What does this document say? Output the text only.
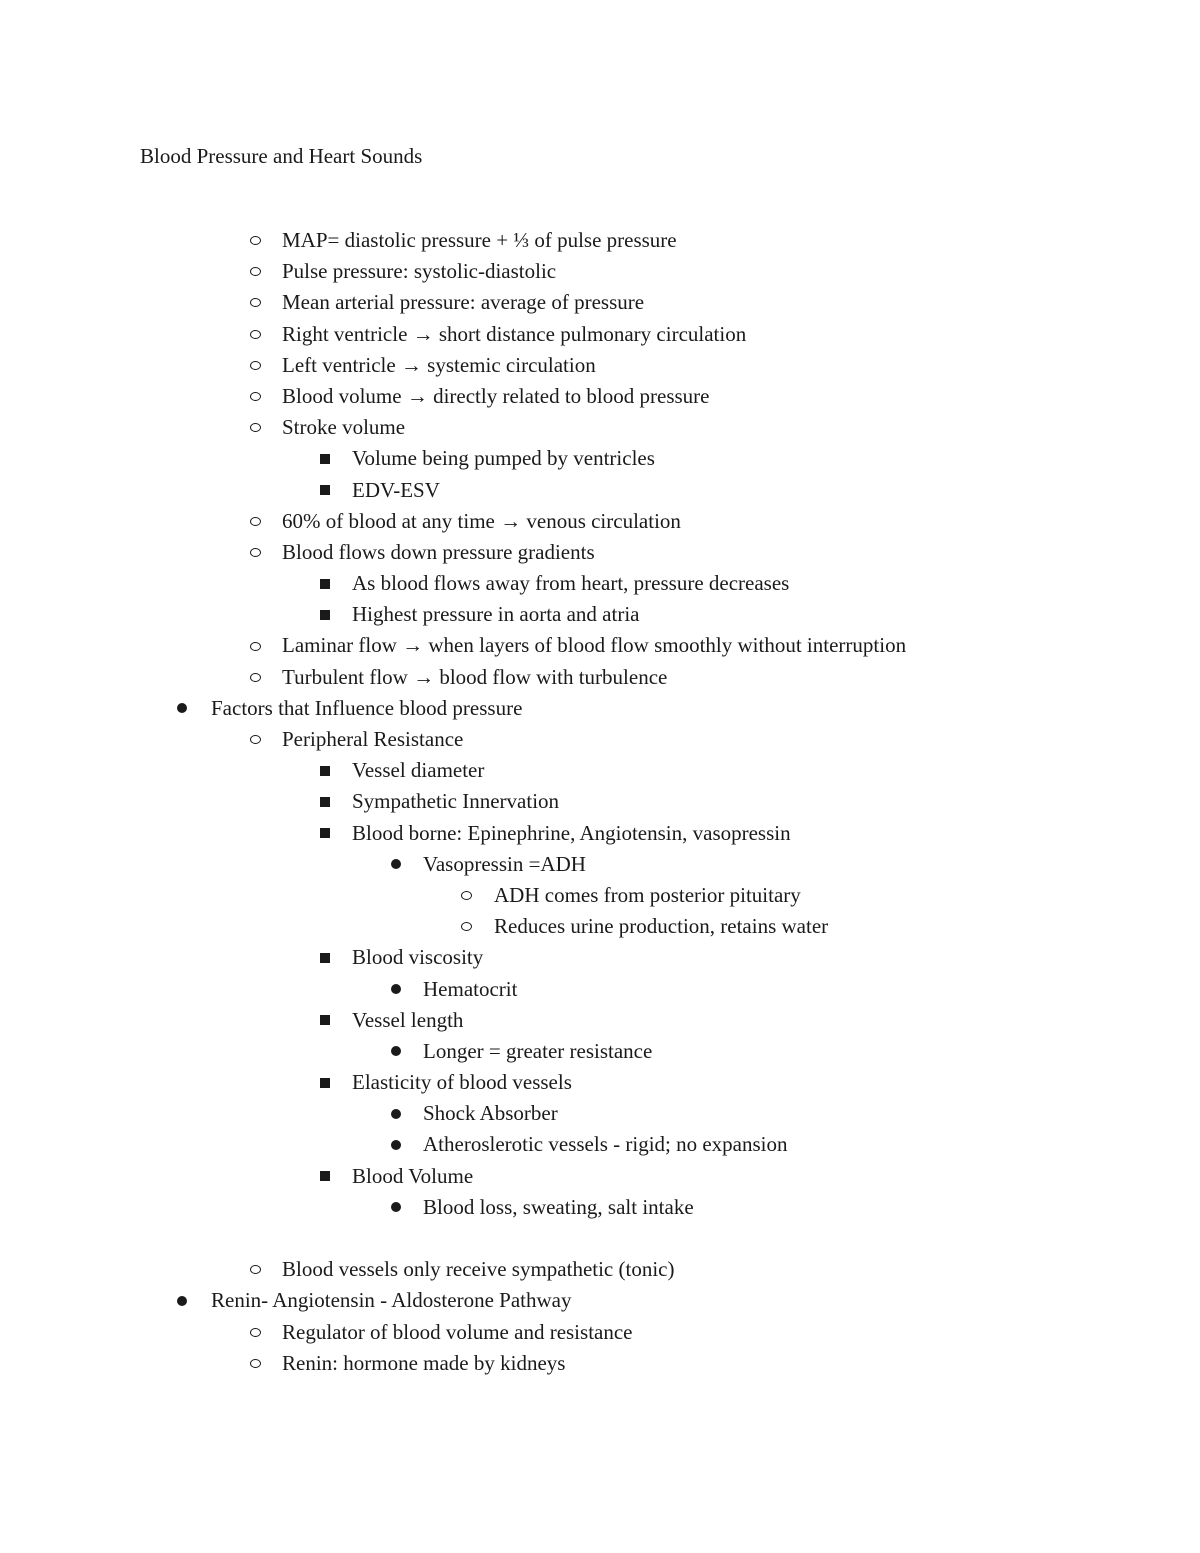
Blood Pressure and Heart Sounds
MAP= diastolic pressure + ⅓ of pulse pressure
Pulse pressure: systolic-diastolic
Mean arterial pressure: average of pressure
Right ventricle → short distance pulmonary circulation
Left ventricle → systemic circulation
Blood volume → directly related to blood pressure
Stroke volume
Volume being pumped by ventricles
EDV-ESV
60% of blood at any time → venous circulation
Blood flows down pressure gradients
As blood flows away from heart, pressure decreases
Highest pressure in aorta and atria
Laminar flow → when layers of blood flow smoothly without interruption
Turbulent flow → blood flow with turbulence
Factors that Influence blood pressure
Peripheral Resistance
Vessel diameter
Sympathetic Innervation
Blood borne: Epinephrine, Angiotensin, vasopressin
Vasopressin =ADH
ADH comes from posterior pituitary
Reduces urine production, retains water
Blood viscosity
Hematocrit
Vessel length
Longer = greater resistance
Elasticity of blood vessels
Shock Absorber
Atheroslerotic vessels - rigid; no expansion
Blood Volume
Blood loss, sweating, salt intake
Blood vessels only receive sympathetic (tonic)
Renin- Angiotensin - Aldosterone Pathway
Regulator of blood volume and resistance
Renin: hormone made by kidneys
